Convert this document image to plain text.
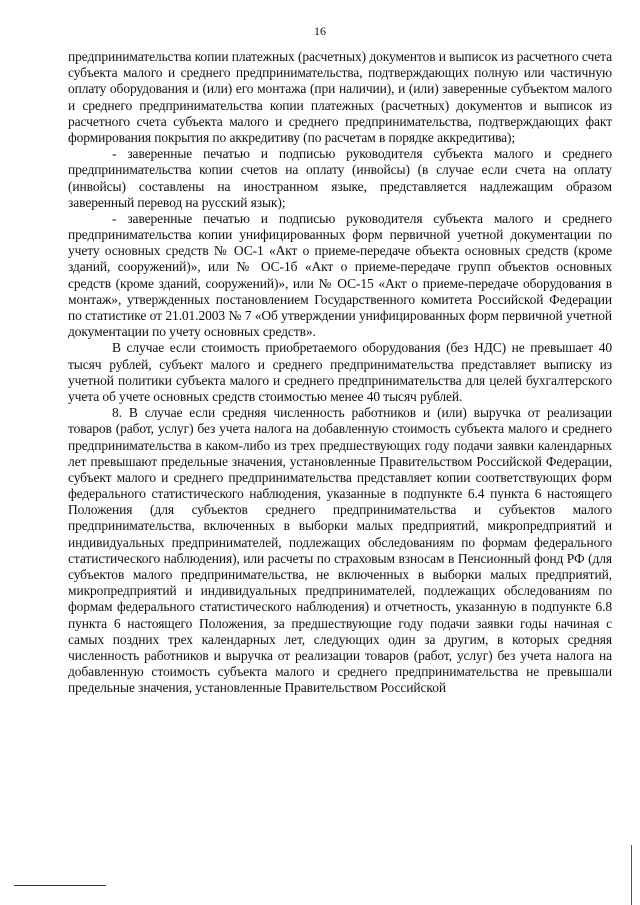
16

предпринимательства копии платежных (расчетных) документов и выписок из расчетного счета субъекта малого и среднего предпринимательства, подтверждающих полную или частичную оплату оборудования и (или) его монтажа (при наличии), и (или) заверенные субъектом малого и среднего предпринимательства копии платежных (расчетных) документов и выписок из расчетного счета субъекта малого и среднего предпринимательства, подтверждающих факт формирования покрытия по аккредитиву (по расчетам в порядке аккредитива);

- заверенные печатью и подписью руководителя субъекта малого и среднего предпринимательства копии счетов на оплату (инвойсы) (в случае если счета на оплату (инвойсы) составлены на иностранном языке, представляется надлежащим образом заверенный перевод на русский язык);

- заверенные печатью и подписью руководителя субъекта малого и среднего предпринимательства копии унифицированных форм первичной учетной документации по учету основных средств № ОС-1 «Акт о приеме-передаче объекта основных средств (кроме зданий, сооружений)», или № ОС-1б «Акт о приеме-передаче групп объектов основных средств (кроме зданий, сооружений)», или № ОС-15 «Акт о приеме-передаче оборудования в монтаж», утвержденных постановлением Государственного комитета Российской Федерации по статистике от 21.01.2003 № 7 «Об утверждении унифицированных форм первичной учетной документации по учету основных средств».

В случае если стоимость приобретаемого оборудования (без НДС) не превышает 40 тысяч рублей, субъект малого и среднего предпринимательства представляет выписку из учетной политики субъекта малого и среднего предпринимательства для целей бухгалтерского учета об учете основных средств стоимостью менее 40 тысяч рублей.

8. В случае если средняя численность работников и (или) выручка от реализации товаров (работ, услуг) без учета налога на добавленную стоимость субъекта малого и среднего предпринимательства в каком-либо из трех предшествующих году подачи заявки календарных лет превышают предельные значения, установленные Правительством Российской Федерации, субъект малого и среднего предпринимательства представляет копии соответствующих форм федерального статистического наблюдения, указанные в подпункте 6.4 пункта 6 настоящего Положения (для субъектов среднего предпринимательства и субъектов малого предпринимательства, включенных в выборки малых предприятий, микропредприятий и индивидуальных предпринимателей, подлежащих обследованиям по формам федерального статистического наблюдения), или расчеты по страховым взносам в Пенсионный фонд РФ (для субъектов малого предпринимательства, не включенных в выборки малых предприятий, микропредприятий и индивидуальных предпринимателей, подлежащих обследованиям по формам федерального статистического наблюдения) и отчетность, указанную в подпункте 6.8 пункта 6 настоящего Положения, за предшествующие году подачи заявки годы начиная с самых поздних трех календарных лет, следующих один за другим, в которых средняя численность работников и выручка от реализации товаров (работ, услуг) без учета налога на добавленную стоимость субъекта малого и среднего предпринимательства не превышали предельные значения, установленные Правительством Российской
